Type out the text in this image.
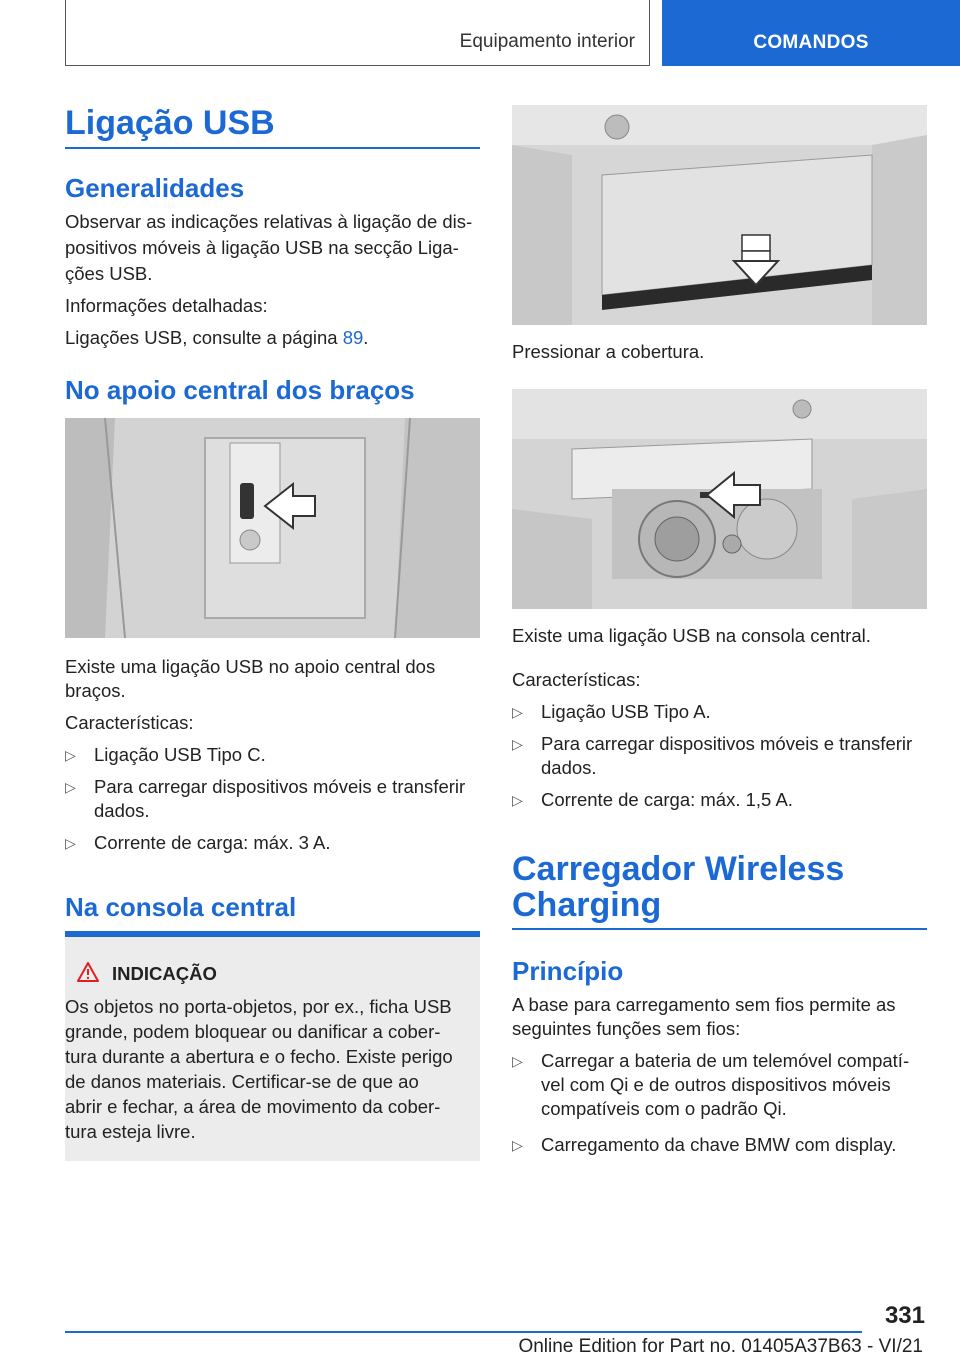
Equipamento interior	COMANDOS
Ligação USB
Generalidades
Observar as indicações relativas à ligação de dis-
positivos móveis à ligação USB na secção Liga-
ções USB.
Informações detalhadas:
Ligações USB, consulte a página 89.
No apoio central dos braços
Existe uma ligação USB no apoio central dos
braços.
Características:
▷ Ligação USB Tipo C.
▷ Para carregar dispositivos móveis e transferir
dados.
▷ Corrente de carga: máx. 3 A.
Na consola central
INDICAÇÃO
Os objetos no porta-objetos, por ex., ficha USB
grande, podem bloquear ou danificar a cober-
tura durante a abertura e o fecho. Existe perigo
de danos materiais. Certificar-se de que ao
abrir e fechar, a área de movimento da cober-
tura esteja livre.
Pressionar a cobertura.
Existe uma ligação USB na consola central.
Características:
▷ Ligação USB Tipo A.
▷ Para carregar dispositivos móveis e transferir
dados.
▷ Corrente de carga: máx. 1,5 A.
Carregador Wireless
Charging
Princípio
A base para carregamento sem fios permite as
seguintes funções sem fios:
▷ Carregar a bateria de um telemóvel compatí-
vel com Qi e de outros dispositivos móveis
compatíveis com o padrão Qi.
▷ Carregamento da chave BMW com display.
331
Online Edition for Part no. 01405A37B63 - VI/21
